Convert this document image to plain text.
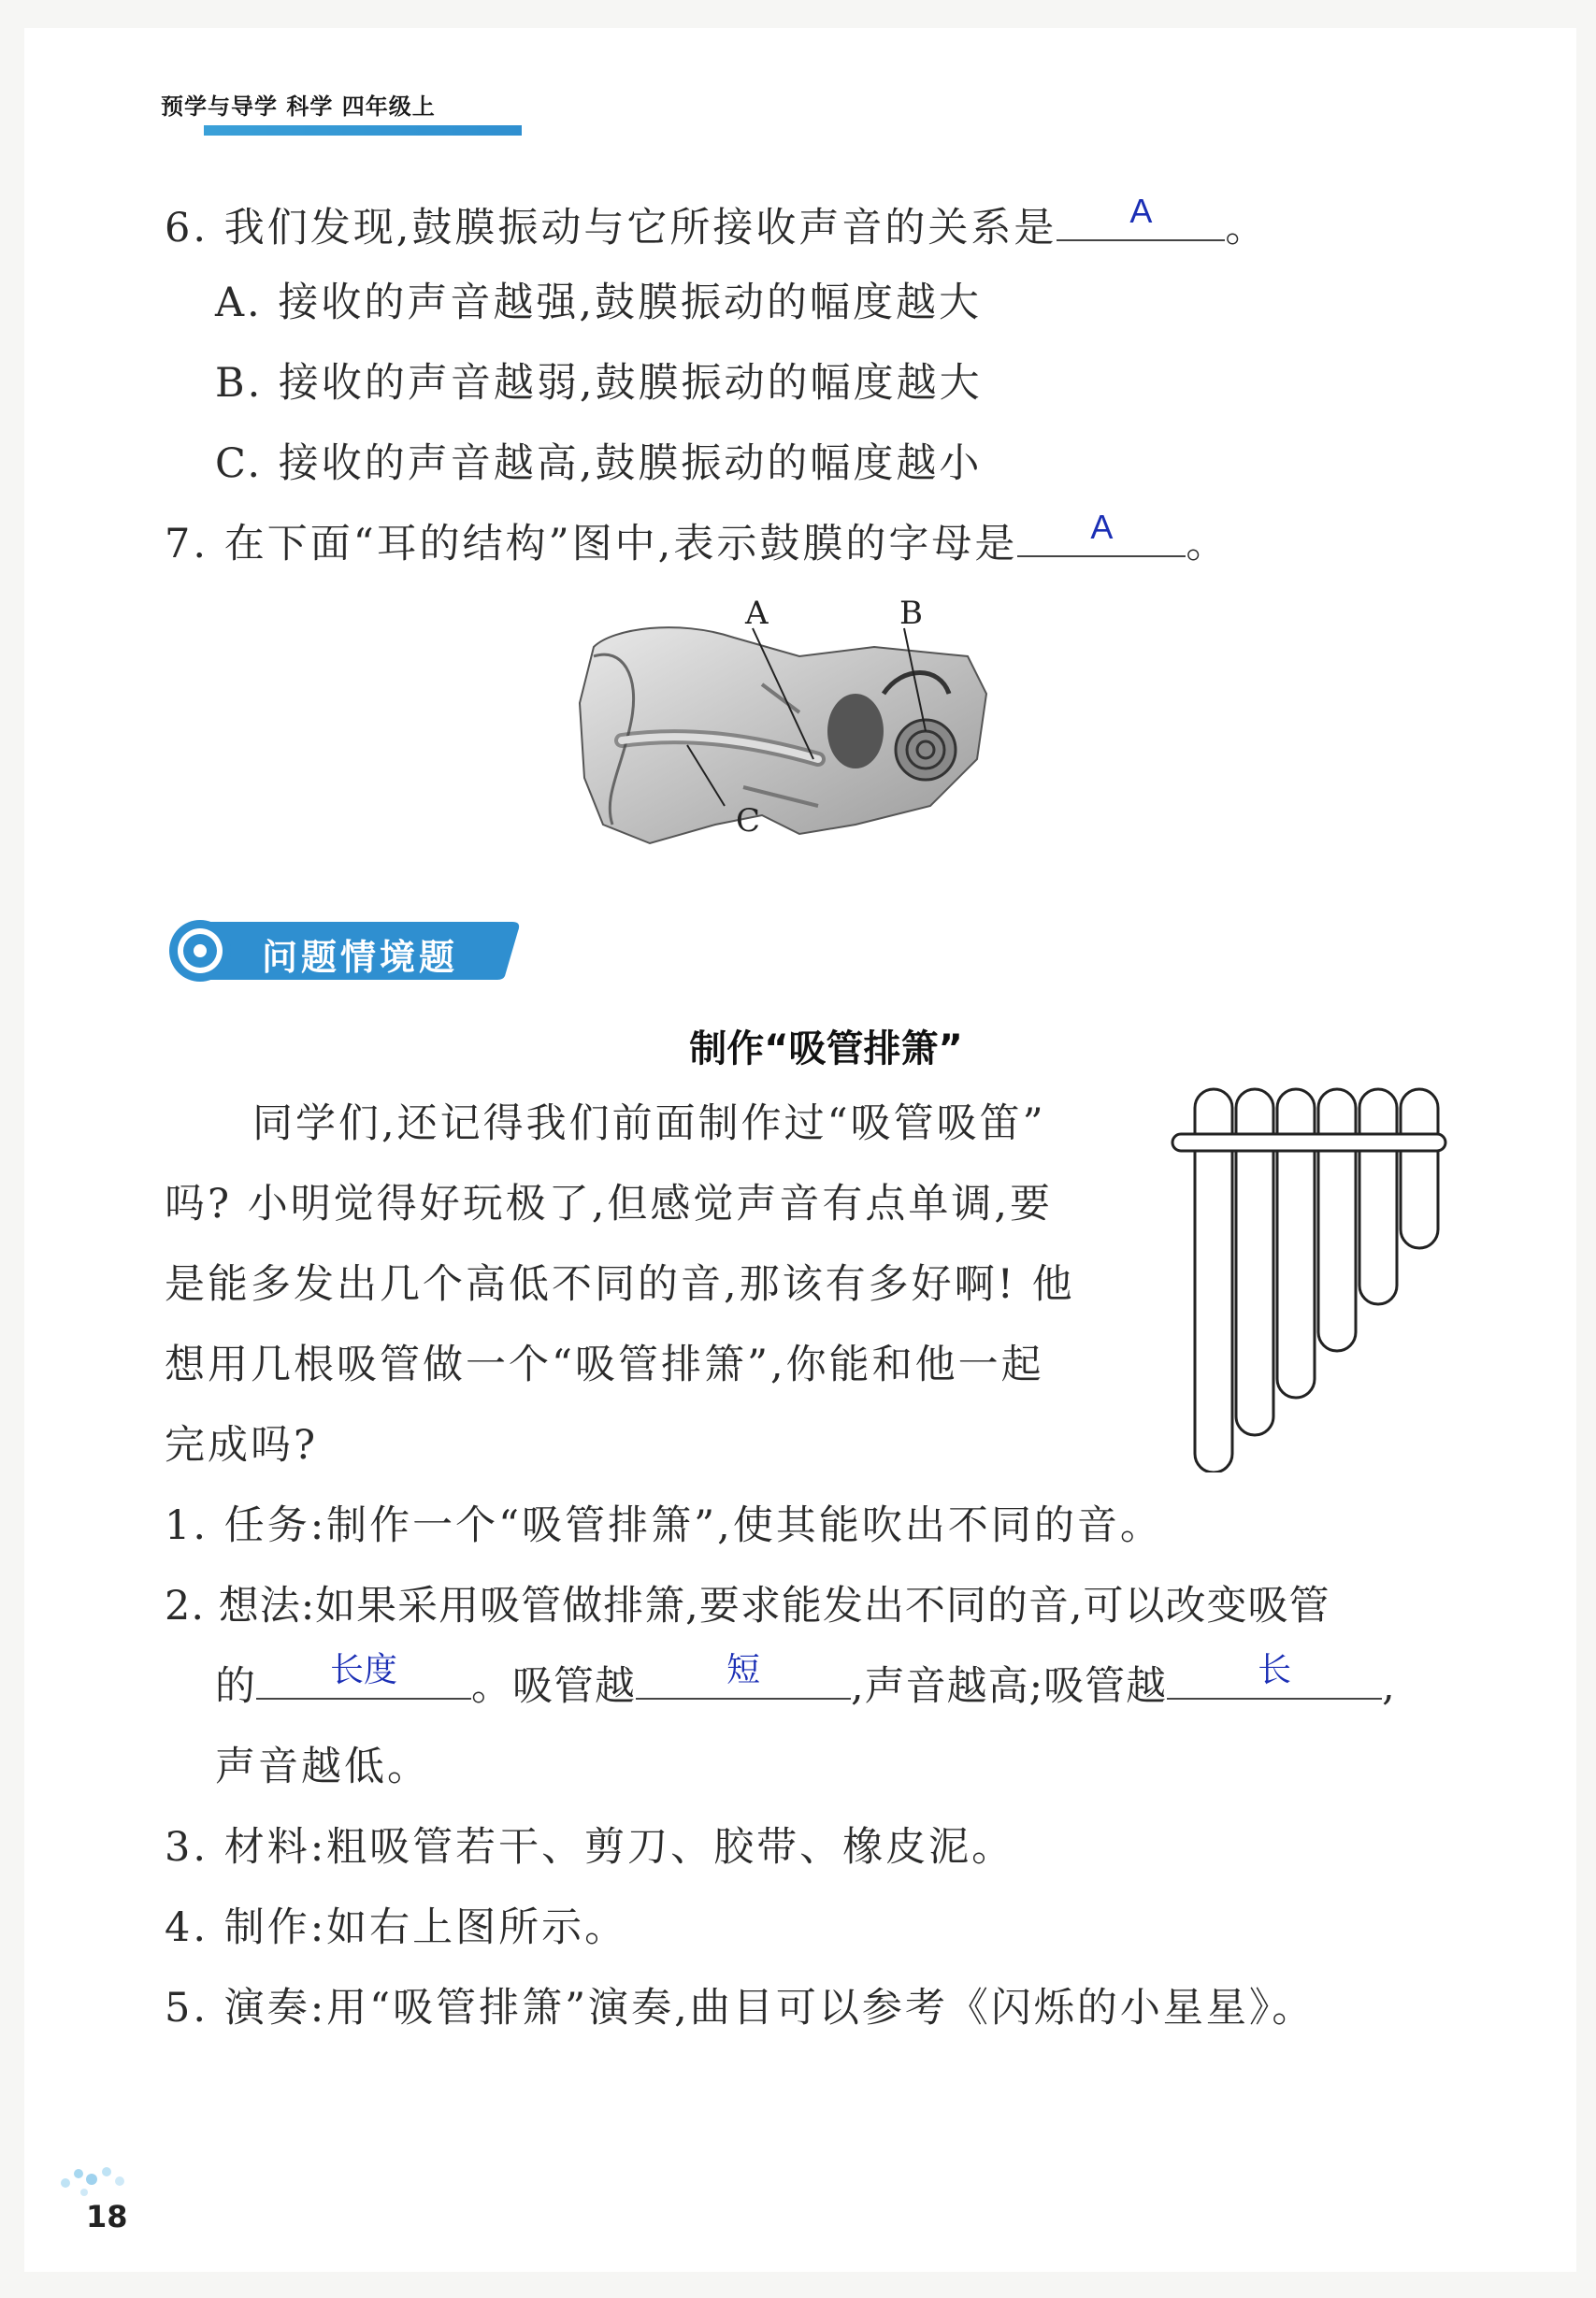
预学与导学 科学 四年级上
6. 我们发现,鼓膜振动与它所接收声音的关系是	A	。
A. 接收的声音越强,鼓膜振动的幅度越大
B. 接收的声音越弱,鼓膜振动的幅度越大
C. 接收的声音越高,鼓膜振动的幅度越小
7. 在下面“耳的结构”图中,表示鼓膜的字母是	A	。
A	B
C
问题情境题
制作“吸管排箫”
同学们,还记得我们前面制作过“吸管吸笛”
吗? 小明觉得好玩极了,但感觉声音有点单调,要
是能多发出几个高低不同的音,那该有多好啊! 他
想用几根吸管做一个“吸管排箫”,你能和他一起
完成吗?
1. 任务:制作一个“吸管排箫”,使其能吹出不同的音。
2. 想法:如果采用吸管做排箫,要求能发出不同的音,可以改变吸管
的	长度	。吸管越	短	,声音越高;吸管越	长	,
声音越低。
3. 材料:粗吸管若干、剪刀、胶带、橡皮泥。
4. 制作:如右上图所示。
5. 演奏:用“吸管排箫”演奏,曲目可以参考《闪烁的小星星》。
18
